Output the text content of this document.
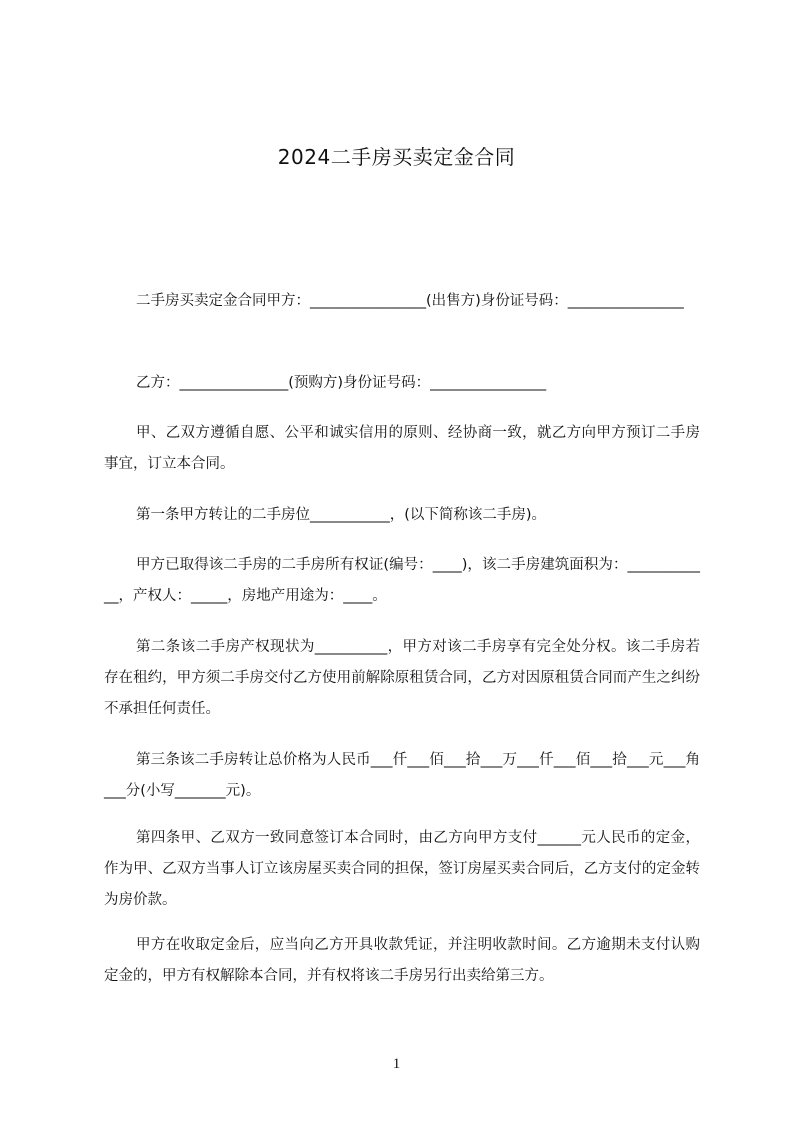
2024二手房买卖定金合同

二手房买卖定金合同甲方：________________(出售方)身份证号码：________________

乙方：_______________(预购方)身份证号码：________________

甲、乙双方遵循自愿、公平和诚实信用的原则、经协商一致，就乙方向甲方预订二手房事宜，订立本合同。

第一条甲方转让的二手房位___________，(以下简称该二手房)。

甲方已取得该二手房的二手房所有权证(编号：____)，该二手房建筑面积为：____________，产权人：_____，房地产用途为：____。

第二条该二手房产权现状为__________，甲方对该二手房享有完全处分权。该二手房若存在租约，甲方须二手房交付乙方使用前解除原租赁合同，乙方对因原租赁合同而产生之纠纷不承担任何责任。

第三条该二手房转让总价格为人民币___仟___佰___拾___万___仟___佰___拾___元___角___分(小写_______元)。

第四条甲、乙双方一致同意签订本合同时，由乙方向甲方支付______元人民币的定金，作为甲、乙双方当事人订立该房屋买卖合同的担保，签订房屋买卖合同后，乙方支付的定金转为房价款。

甲方在收取定金后，应当向乙方开具收款凭证，并注明收款时间。乙方逾期未支付认购定金的，甲方有权解除本合同，并有权将该二手房另行出卖给第三方。

1
